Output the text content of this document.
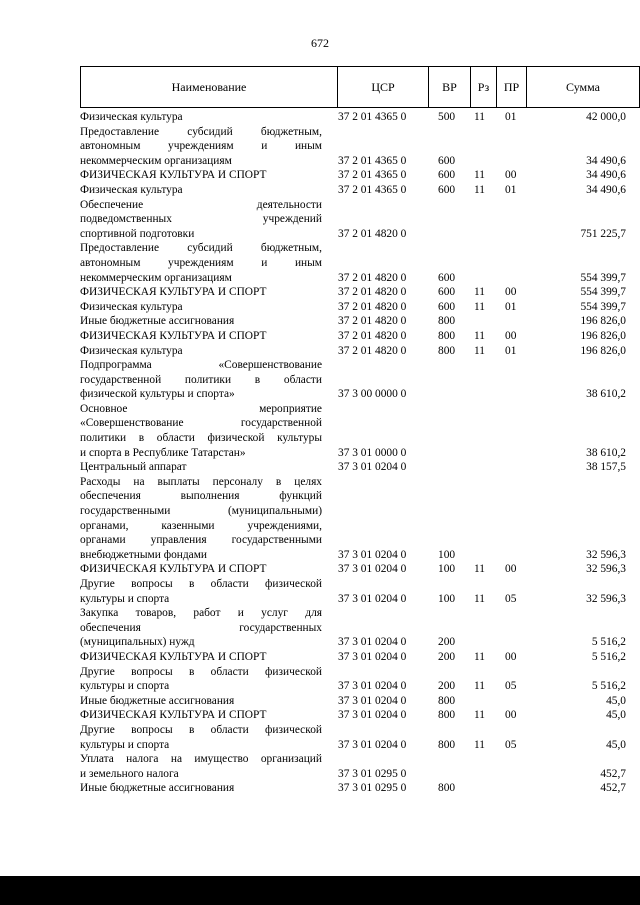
672
Наименование	ЦСР	ВР	Рз	ПР	Сумма
Физическая культура	37 2 01 4365 0	500 11 01	42 000,0
Предоставление субсидий бюджетным,
автономным учреждениям и иным
некоммерческим организациям	37 2 01 4365 0	600	34 490,6
ФИЗИЧЕСКАЯ КУЛЬТУРА И СПОРТ	37 2 01 4365 0	600 11 00	34 490,6
Физическая культура	37 2 01 4365 0	600 11 01	34 490,6
Обеспечение деятельности
подведомственных учреждений
спортивной подготовки	37 2 01 4820 0	751 225,7
Предоставление субсидий бюджетным,
автономным учреждениям и иным
некоммерческим организациям	37 2 01 4820 0	600	554 399,7
ФИЗИЧЕСКАЯ КУЛЬТУРА И СПОРТ	37 2 01 4820 0	600 11 00	554 399,7
Физическая культура	37 2 01 4820 0	600 11 01	554 399,7
Иные бюджетные ассигнования	37 2 01 4820 0	800	196 826,0
ФИЗИЧЕСКАЯ КУЛЬТУРА И СПОРТ	37 2 01 4820 0	800 11 00	196 826,0
Физическая культура	37 2 01 4820 0	800 11 01	196 826,0
Подпрограмма «Совершенствование
государственной политики в области
физической культуры и спорта»	37 3 00 0000 0	38 610,2
Основное мероприятие
«Совершенствование государственной
политики в области физической культуры
и спорта в Республике Татарстан»	37 3 01 0000 0	38 610,2
Центральный аппарат	37 3 01 0204 0	38 157,5
Расходы на выплаты персоналу в целях
обеспечения выполнения функций
государственными (муниципальными)
органами, казенными учреждениями,
органами управления государственными
внебюджетными фондами	37 3 01 0204 0	100	32 596,3
ФИЗИЧЕСКАЯ КУЛЬТУРА И СПОРТ	37 3 01 0204 0	100 11 00	32 596,3
Другие вопросы в области физической
культуры и спорта	37 3 01 0204 0	100 11 05	32 596,3
Закупка товаров, работ и услуг для
обеспечения государственных
(муниципальных) нужд	37 3 01 0204 0	200	5 516,2
ФИЗИЧЕСКАЯ КУЛЬТУРА И СПОРТ	37 3 01 0204 0	200 11 00	5 516,2
Другие вопросы в области физической
культуры и спорта	37 3 01 0204 0	200 11 05	5 516,2
Иные бюджетные ассигнования	37 3 01 0204 0	800	45,0
ФИЗИЧЕСКАЯ КУЛЬТУРА И СПОРТ	37 3 01 0204 0	800 11 00	45,0
Другие вопросы в области физической
культуры и спорта	37 3 01 0204 0	800 11 05	45,0
Уплата налога на имущество организаций
и земельного налога	37 3 01 0295 0	452,7
Иные бюджетные ассигнования	37 3 01 0295 0	800	452,7
